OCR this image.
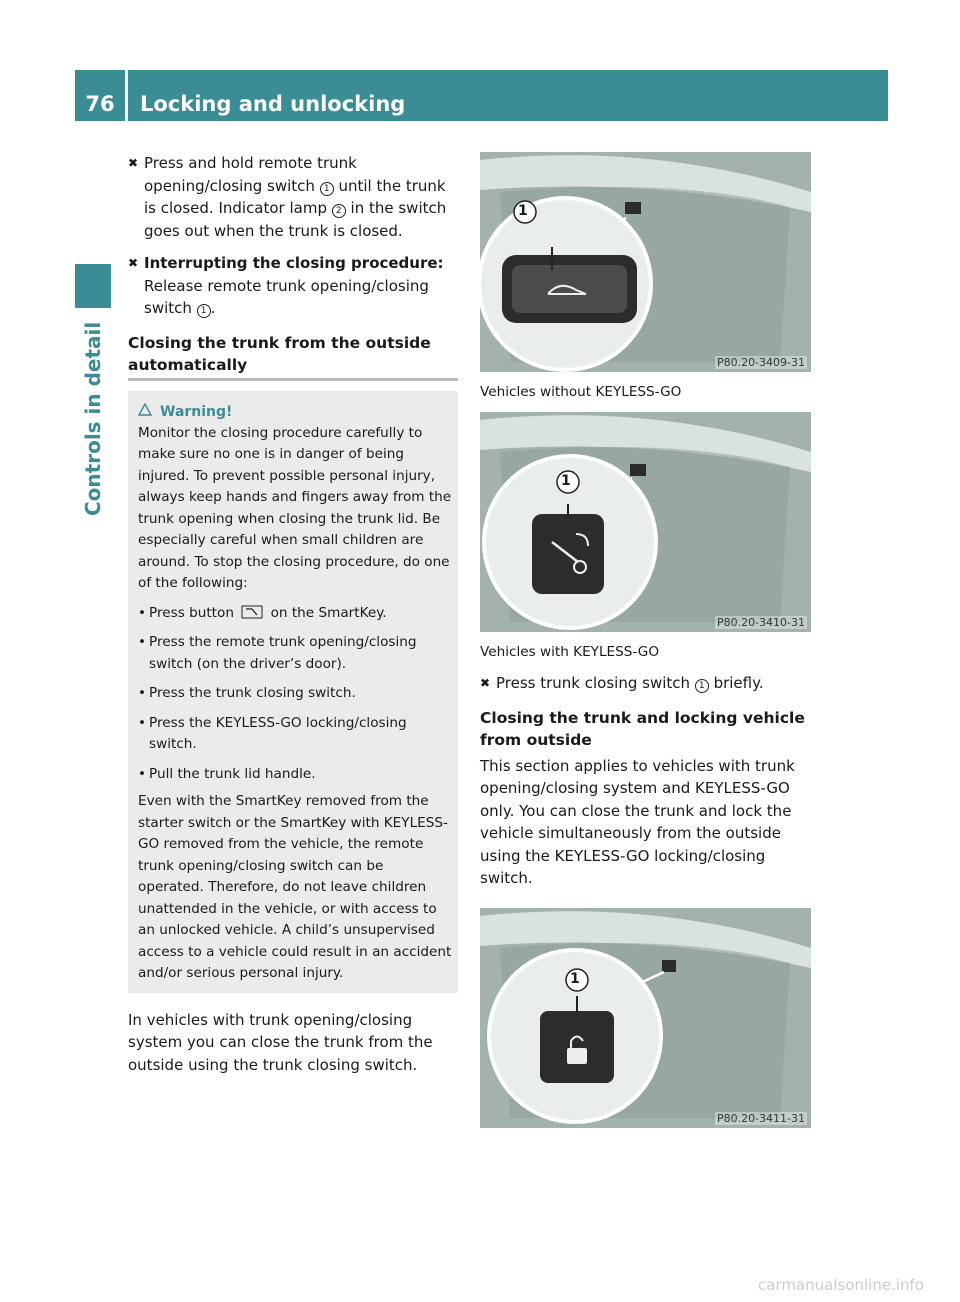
76	Locking and unlocking
Controls in detail
✖ Press and hold remote trunk opening/closing switch 1 until the trunk is closed. Indicator lamp 2 in the switch goes out when the trunk is closed.
✖ Interrupting the closing procedure:
Release remote trunk opening/closing switch 1 .
Closing the trunk from the outside automatically
Warning!
Monitor the closing procedure carefully to make sure no one is in danger of being injured. To prevent possible personal injury, always keep hands and fingers away from the trunk opening when closing the trunk lid. Be especially careful when small children are around. To stop the closing procedure, do one of the following:
• Press button  on the SmartKey.
• Press the remote trunk opening/closing switch (on the driver’s door).
• Press the trunk closing switch.
• Press the KEYLESS-GO locking/closing switch.
• Pull the trunk lid handle.
Even with the SmartKey removed from the starter switch or the SmartKey with KEYLESS-GO removed from the vehicle, the remote trunk opening/closing switch can be operated. Therefore, do not leave children unattended in the vehicle, or with access to an unlocked vehicle. A child’s unsupervised access to a vehicle could result in an accident and/or serious personal injury.
In vehicles with trunk opening/closing system you can close the trunk from the outside using the trunk closing switch.
1
P80.20-3409-31
Vehicles without KEYLESS-GO
1
P80.20-3410-31
Vehicles with KEYLESS-GO
✖ Press trunk closing switch 1 briefly.
Closing the trunk and locking vehicle from outside
This section applies to vehicles with trunk opening/closing system and KEYLESS-GO only. You can close the trunk and lock the vehicle simultaneously from the outside using the KEYLESS-GO locking/closing switch.
1
P80.20-3411-31
carmanualsonline.info
